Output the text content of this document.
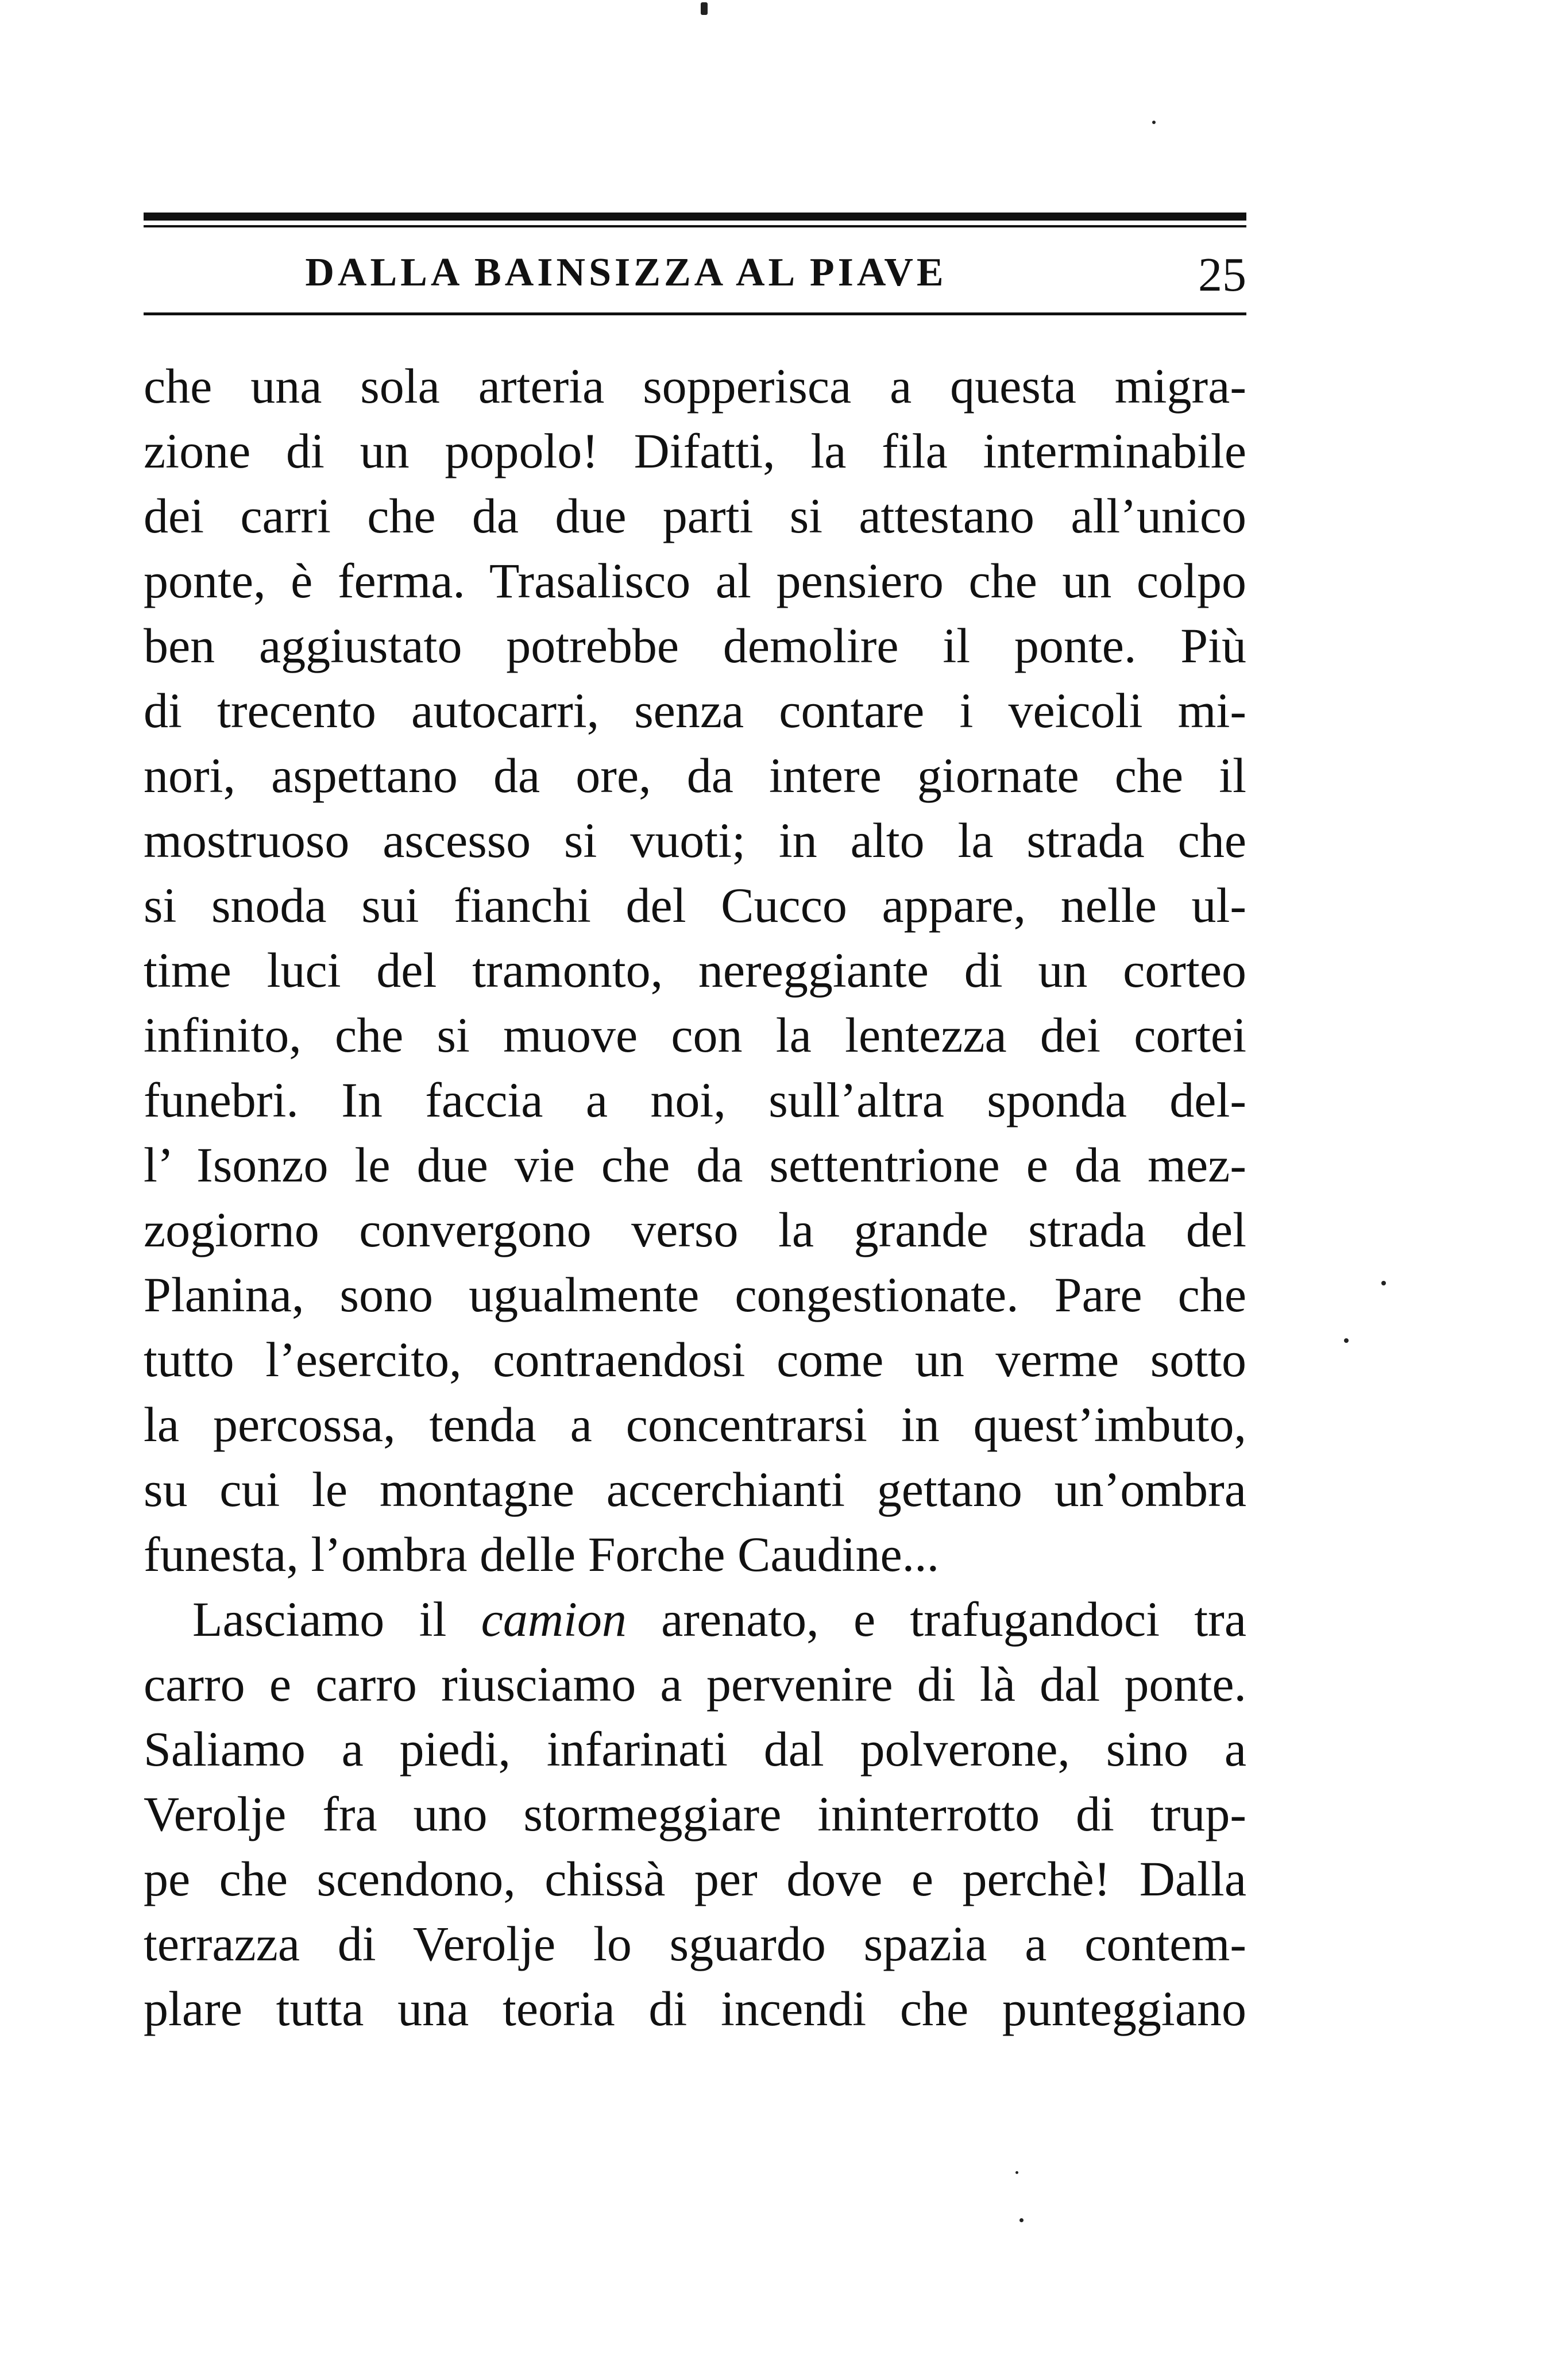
DALLA BAINSIZZA AL PIAVE	25
che una sola arteria sopperisca a questa migra-
zione di un popolo! Difatti, la fila interminabile
dei carri che da due parti si attestano all’unico
ponte, è ferma. Trasalisco al pensiero che un colpo
ben aggiustato potrebbe demolire il ponte. Più
di trecento autocarri, senza contare i veicoli mi-
nori, aspettano da ore, da intere giornate che il
mostruoso ascesso si vuoti; in alto la strada che
si snoda sui fianchi del Cucco appare, nelle ul-
time luci del tramonto, nereggiante di un corteo
infinito, che si muove con la lentezza dei cortei
funebri. In faccia a noi, sull’altra sponda del-
l’ Isonzo le due vie che da settentrione e da mez-
zogiorno convergono verso la grande strada del
Planina, sono ugualmente congestionate. Pare che
tutto l’esercito, contraendosi come un verme sotto
la percossa, tenda a concentrarsi in quest’imbuto,
su cui le montagne accerchianti gettano un’ombra
funesta, l’ombra delle Forche Caudine...
Lasciamo il camion arenato, e trafugandoci tra
carro e carro riusciamo a pervenire di là dal ponte.
Saliamo a piedi, infarinati dal polverone, sino a
Verolje fra uno stormeggiare ininterrotto di trup-
pe che scendono, chissà per dove e perchè! Dalla
terrazza di Verolje lo sguardo spazia a contem-
plare tutta una teoria di incendi che punteggiano
